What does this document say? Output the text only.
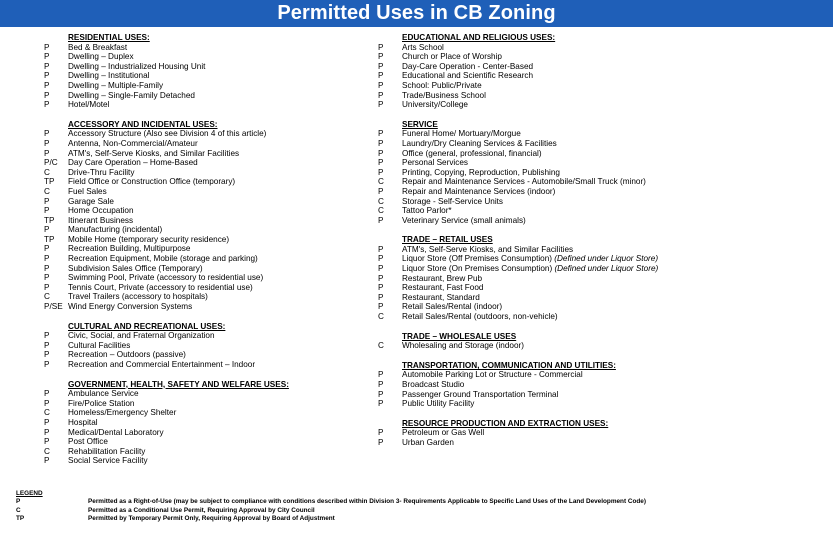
Permitted Uses in CB Zoning
RESIDENTIAL USES:
P	Bed & Breakfast
P	Dwelling – Duplex
P	Dwelling – Industrialized Housing Unit
P	Dwelling – Institutional
P	Dwelling – Multiple-Family
P	Dwelling – Single-Family Detached
P	Hotel/Motel
ACCESSORY AND INCIDENTAL USES:
P	Accessory Structure (Also see Division 4 of this article)
P	Antenna, Non-Commercial/Amateur
P	ATM's, Self-Serve Kiosks, and Similar Facilities
P/C	Day Care Operation – Home-Based
C	Drive-Thru Facility
TP	Field Office or Construction Office (temporary)
C	Fuel Sales
P	Garage Sale
P	Home Occupation
TP	Itinerant Business
P	Manufacturing (incidental)
TP	Mobile Home (temporary security residence)
P	Recreation Building, Multipurpose
P	Recreation Equipment, Mobile (storage and parking)
P	Subdivision Sales Office (Temporary)
P	Swimming Pool, Private (accessory to residential use)
P	Tennis Court, Private (accessory to residential use)
C	Travel Trailers (accessory to hospitals)
P/SE Wind Energy Conversion Systems
CULTURAL AND RECREATIONAL USES:
P	Civic, Social, and Fraternal Organization
P	Cultural Facilities
P	Recreation – Outdoors (passive)
P	Recreation and Commercial Entertainment – Indoor
GOVERNMENT, HEALTH, SAFETY AND WELFARE USES:
P	Ambulance Service
P	Fire/Police Station
C	Homeless/Emergency Shelter
P	Hospital
P	Medical/Dental Laboratory
P	Post Office
C	Rehabilitation Facility
P	Social Service Facility
EDUCATIONAL AND RELIGIOUS USES:
P	Arts School
P	Church or Place of Worship
P	Day-Care Operation - Center-Based
P	Educational and Scientific Research
P	School: Public/Private
P	Trade/Business School
P	University/College
SERVICE
P	Funeral Home/ Mortuary/Morgue
P	Laundry/Dry Cleaning Services & Facilities
P	Office (general, professional, financial)
P	Personal Services
P	Printing, Copying, Reproduction, Publishing
C	Repair and Maintenance Services - Automobile/Small Truck (minor)
P	Repair and Maintenance Services (indoor)
C	Storage - Self-Service Units
C	Tattoo Parlor*
P	Veterinary Service (small animals)
TRADE – RETAIL USES
P	ATM's, Self-Serve Kiosks, and Similar Facilities
P	Liquor Store (Off Premises Consumption) (Defined under Liquor Store)
P	Liquor Store (On Premises Consumption) (Defined under Liquor Store)
P	Restaurant, Brew Pub
P	Restaurant, Fast Food
P	Restaurant, Standard
P	Retail Sales/Rental (indoor)
C	Retail Sales/Rental (outdoors, non-vehicle)
TRADE – WHOLESALE USES
C	Wholesaling and Storage (indoor)
TRANSPORTATION, COMMUNICATION AND UTILITIES:
P	Automobile Parking Lot or Structure - Commercial
P	Broadcast Studio
P	Passenger Ground Transportation Terminal
P	Public Utility Facility
RESOURCE PRODUCTION AND EXTRACTION USES:
P	Petroleum or Gas Well
P	Urban Garden
LEGEND
P	Permitted as a Right-of-Use (may be subject to compliance with conditions described within Division 3- Requirements Applicable to Specific Land Uses of the Land Development Code)
C	Permitted as a Conditional Use Permit, Requiring Approval by City Council
TP	Permitted by Temporary Permit Only, Requiring Approval by Board of Adjustment
